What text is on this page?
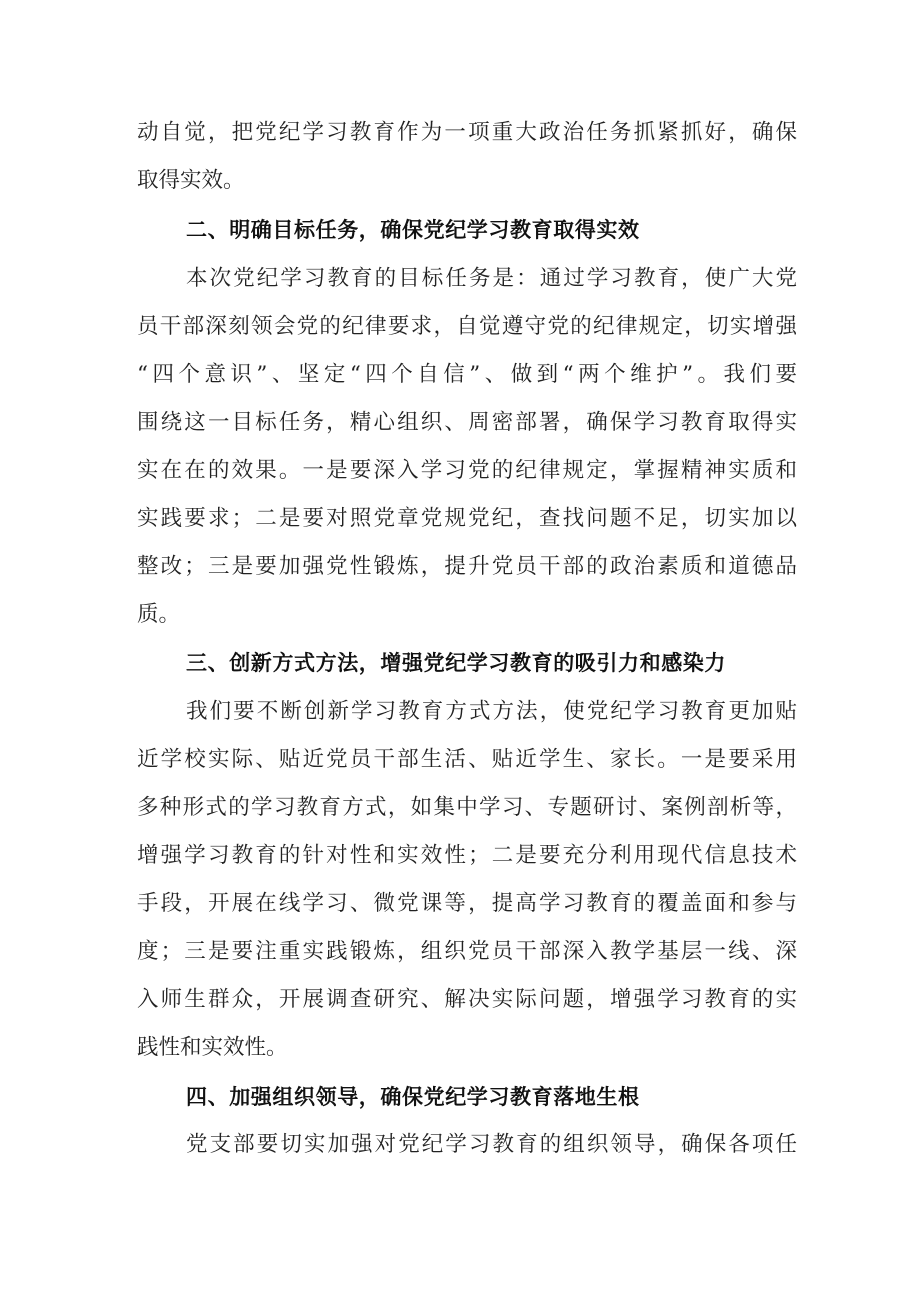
动自觉，把党纪学习教育作为一项重大政治任务抓紧抓好，确保
取得实效。
二、明确目标任务，确保党纪学习教育取得实效
本次党纪学习教育的目标任务是：通过学习教育，使广大党
员干部深刻领会党的纪律要求，自觉遵守党的纪律规定，切实增强
“四个意识”、坚定“四个自信”、做到“两个维护”。我们要
围绕这一目标任务，精心组织、周密部署，确保学习教育取得实
实在在的效果。一是要深入学习党的纪律规定，掌握精神实质和
实践要求；二是要对照党章党规党纪，查找问题不足，切实加以
整改；三是要加强党性锻炼，提升党员干部的政治素质和道德品
质。
三、创新方式方法，增强党纪学习教育的吸引力和感染力
我们要不断创新学习教育方式方法，使党纪学习教育更加贴
近学校实际、贴近党员干部生活、贴近学生、家长。一是要采用
多种形式的学习教育方式，如集中学习、专题研讨、案例剖析等，
增强学习教育的针对性和实效性；二是要充分利用现代信息技术
手段，开展在线学习、微党课等，提高学习教育的覆盖面和参与
度；三是要注重实践锻炼，组织党员干部深入教学基层一线、深
入师生群众，开展调查研究、解决实际问题，增强学习教育的实
践性和实效性。
四、加强组织领导，确保党纪学习教育落地生根
党支部要切实加强对党纪学习教育的组织领导，确保各项任
